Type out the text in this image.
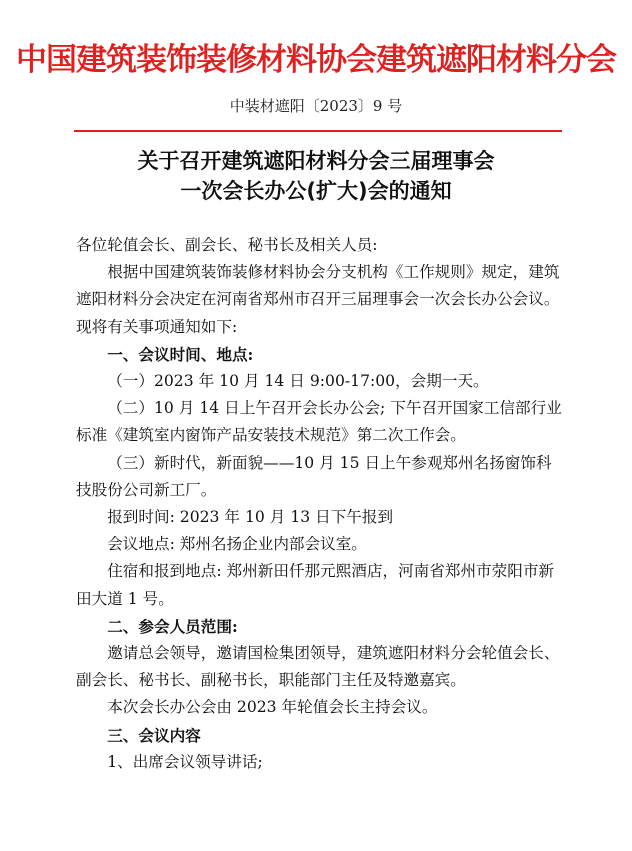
中国建筑装饰装修材料协会建筑遮阳材料分会
中装材遮阳〔2023〕9 号
关于召开建筑遮阳材料分会三届理事会
一次会长办公(扩大)会的通知

各位轮值会长、副会长、秘书长及相关人员:

根据中国建筑装饰装修材料协会分支机构《工作规则》规定，建筑遮阳材料分会决定在河南省郑州市召开三届理事会一次会长办公会议。现将有关事项通知如下:

一、会议时间、地点:

（一）2023 年 10 月 14 日 9:00-17:00，会期一天。

（二）10 月 14 日上午召开会长办公会; 下午召开国家工信部行业标准《建筑室内窗饰产品安装技术规范》第二次工作会。

（三）新时代，新面貌——10 月 15 日上午参观郑州名扬窗饰科技股份公司新工厂。

报到时间: 2023 年 10 月 13 日下午报到

会议地点: 郑州名扬企业内部会议室。

住宿和报到地点: 郑州新田仟那元熙酒店，河南省郑州市荥阳市新田大道 1 号。

二、参会人员范围:

邀请总会领导，邀请国检集团领导，建筑遮阳材料分会轮值会长、副会长、秘书长、副秘书长，职能部门主任及特邀嘉宾。

本次会长办公会由 2023 年轮值会长主持会议。

三、会议内容

1、出席会议领导讲话;
